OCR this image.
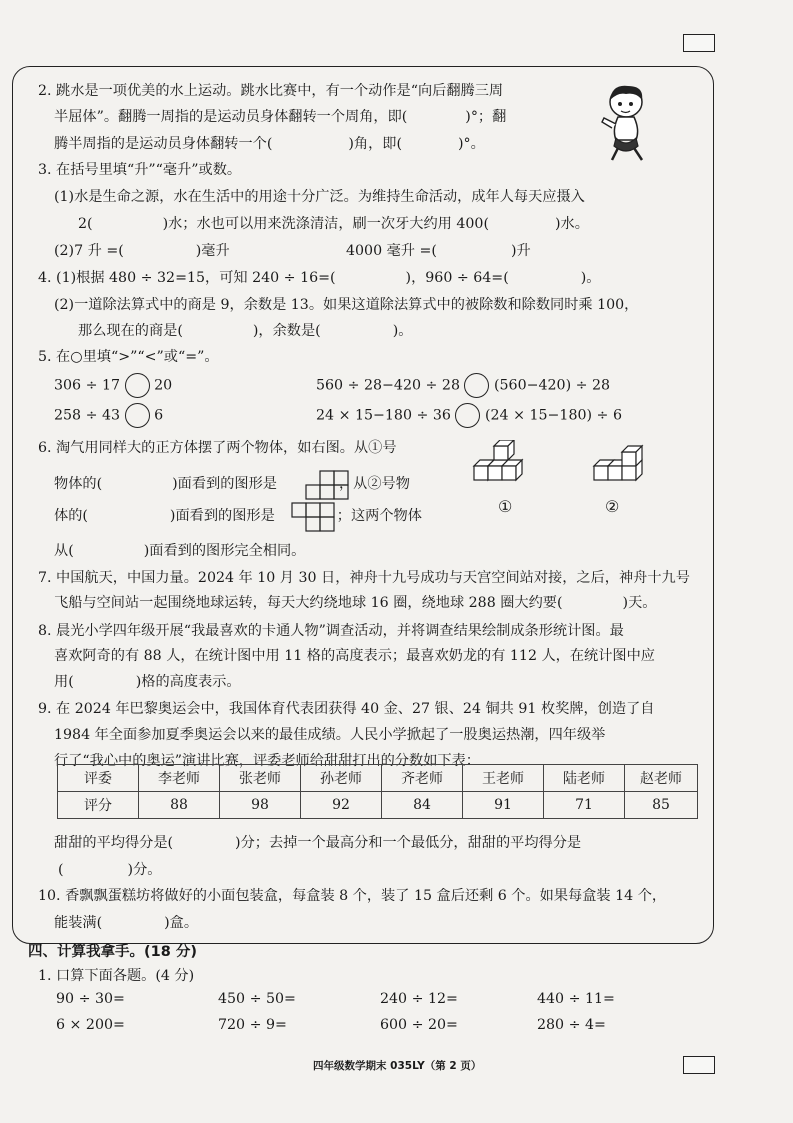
2. 跳水是一项优美的水上运动。跳水比赛中，有一个动作是“向后翻腾三周
半屈体”。翻腾一周指的是运动员身体翻转一个周角，即(	)°；翻
腾半周指的是运动员身体翻转一个(	)角，即(	)°。
3. 在括号里填“升”“毫升”或数。
(1)水是生命之源，水在生活中的用途十分广泛。为维持生命活动，成年人每天应摄入
2(	)水；水也可以用来洗涤清洁，刷一次牙大约用 400(	)水。
(2)7 升 =(	)毫升	4000 毫升 =(	)升
4. (1)根据 480 ÷ 32=15，可知 240 ÷ 16=(	)，960 ÷ 64=(	)。
(2)一道除法算式中的商是 9，余数是 13。如果这道除法算式中的被除数和除数同时乘 100，
那么现在的商是(	)，余数是(	)。
5. 在○里填“>”“<”或“=”。
306 ÷ 17 20	560 ÷ 28−420 ÷ 28 (560−420) ÷ 28
258 ÷ 43 6	24 × 15−180 ÷ 36 (24 × 15−180) ÷ 6
6. 淘气用同样大的正方体摆了两个物体，如右图。从①号
物体的(	)面看到的图形是	，从②号物
体的(	)面看到的图形是	；这两个物体
从(	)面看到的图形完全相同。
①	②
7. 中国航天，中国力量。2024 年 10 月 30 日，神舟十九号成功与天宫空间站对接，之后，神舟十九号
飞船与空间站一起围绕地球运转，每天大约绕地球 16 圈，绕地球 288 圈大约要(	)天。
8. 晨光小学四年级开展“我最喜欢的卡通人物”调查活动，并将调查结果绘制成条形统计图。最
喜欢阿奇的有 88 人，在统计图中用 11 格的高度表示；最喜欢奶龙的有 112 人，在统计图中应
用(	)格的高度表示。
9. 在 2024 年巴黎奥运会中，我国体育代表团获得 40 金、27 银、24 铜共 91 枚奖牌，创造了自
1984 年全面参加夏季奥运会以来的最佳成绩。人民小学掀起了一股奥运热潮，四年级举
行了“我心中的奥运”演讲比赛，评委老师给甜甜打出的分数如下表：
评委	李老师	张老师	孙老师	齐老师	王老师	陆老师	赵老师
评分	88	98	92	84	91	71	85
甜甜的平均得分是(	)分；去掉一个最高分和一个最低分，甜甜的平均得分是
(	)分。
10. 香飘飘蛋糕坊将做好的小面包装盒，每盒装 8 个，装了 15 盒后还剩 6 个。如果每盒装 14 个，
能装满(	)盒。
四、计算我拿手。(18 分)
1. 口算下面各题。(4 分)
90 ÷ 30=	450 ÷ 50=	240 ÷ 12=	440 ÷ 11=
6 × 200=	720 ÷ 9=	600 ÷ 20=	280 ÷ 4=
四年级数学期末 035LY（第 2 页）
